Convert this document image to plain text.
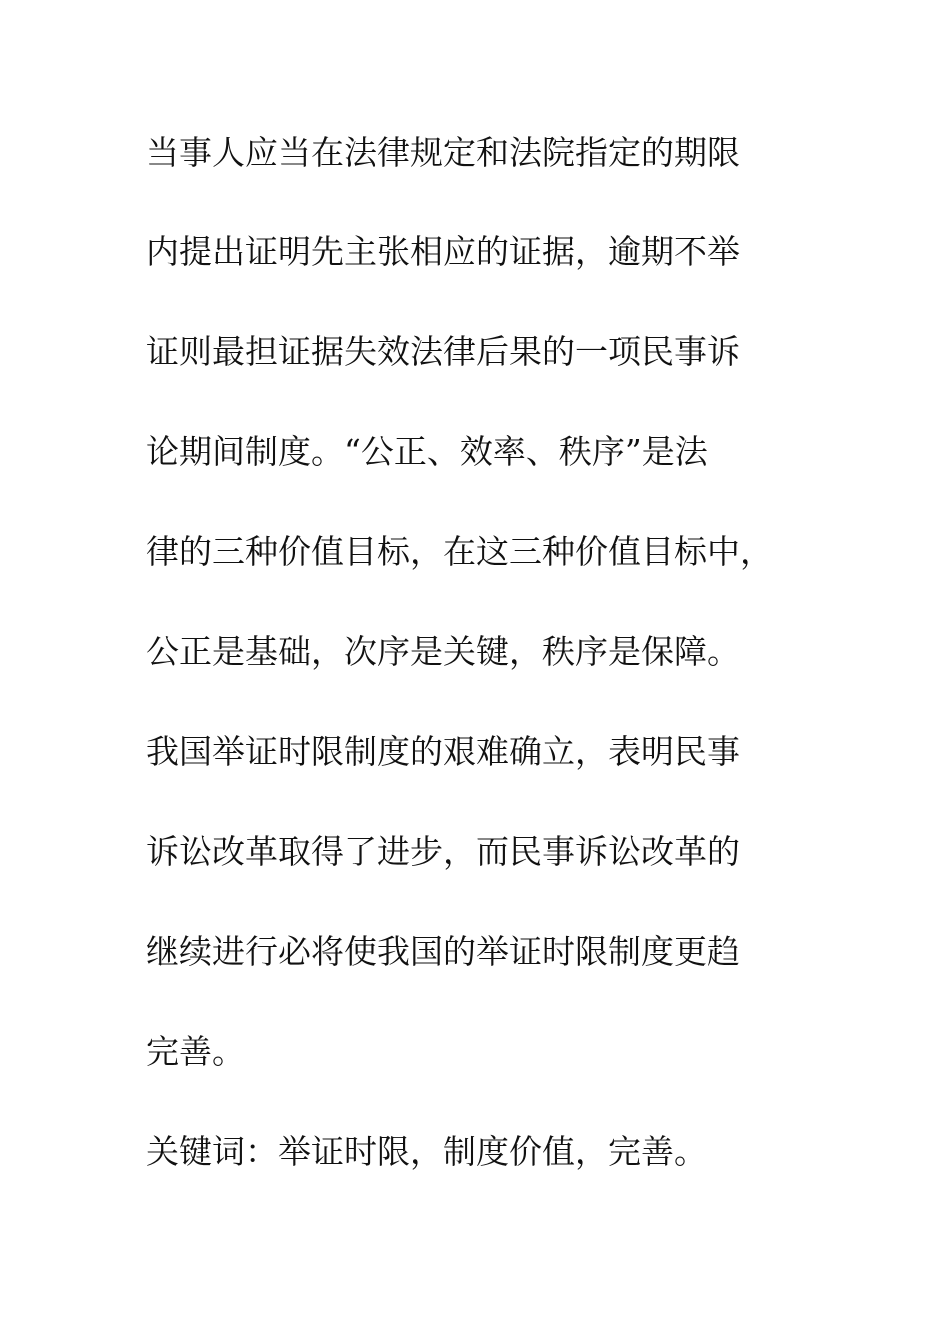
当事人应当在法律规定和法院指定的期限
内提出证明先主张相应的证据，逾期不举
证则最担证据失效法律后果的一项民事诉
论期间制度。“公正、效率、秩序”是法
律的三种价值目标，在这三种价值目标中，
公正是基础，次序是关键，秩序是保障。
我国举证时限制度的艰难确立，表明民事
诉讼改革取得了进步，而民事诉讼改革的
继续进行必将使我国的举证时限制度更趋
完善。
关键词：举证时限，制度价值，完善。
